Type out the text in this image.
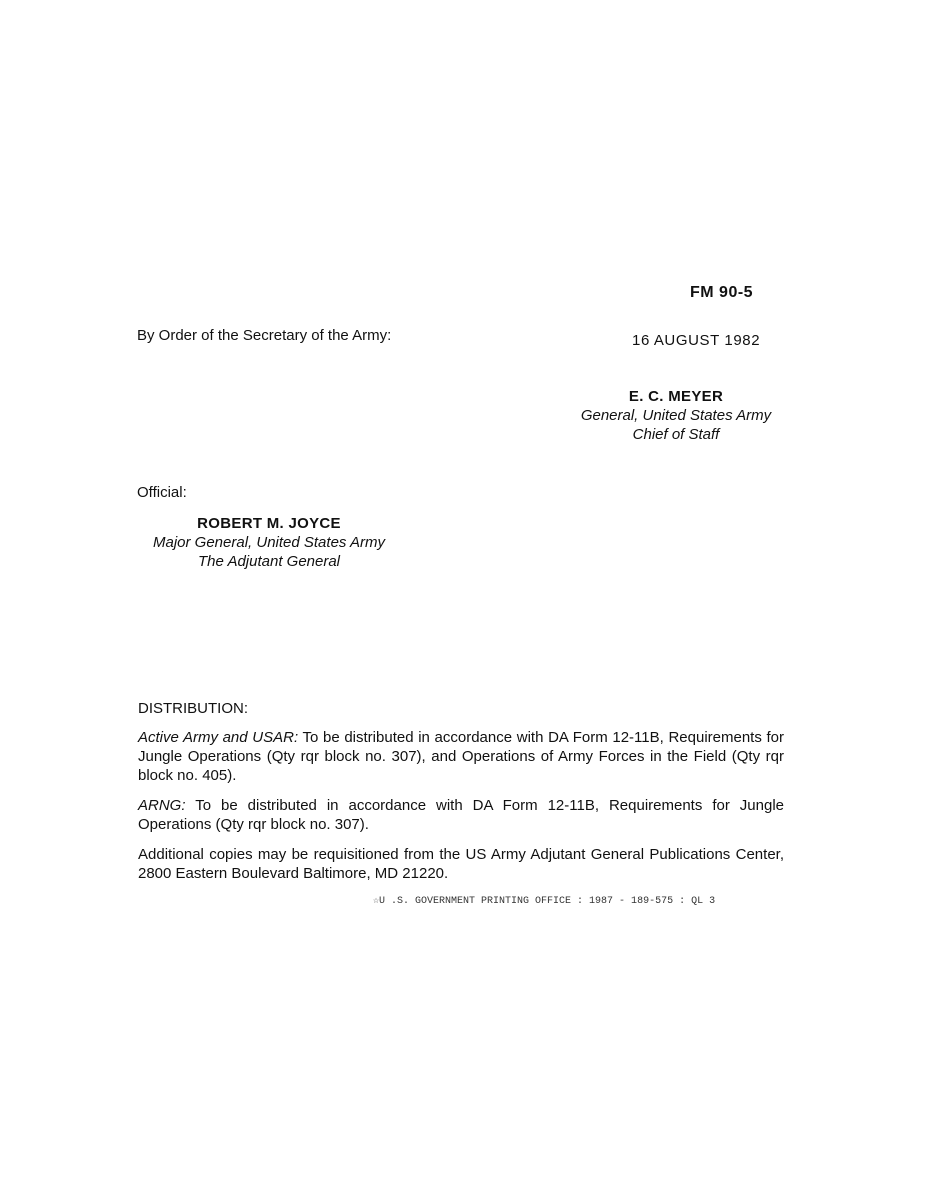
FM 90-5
By Order of the Secretary of the Army:	16 AUGUST 1982
E. C. MEYER
General, United States Army
Chief of Staff
Official:
ROBERT M. JOYCE
Major General, United States Army
The Adjutant General
DISTRIBUTION:
Active Army and USAR: To be distributed in accordance with DA Form 12-11B, Requirements for Jungle Operations (Qty rqr block no. 307), and Operations of Army Forces in the Field (Qty rqr block no. 405).
ARNG: To be distributed in accordance with DA Form 12-11B, Requirements for Jungle Operations (Qty rqr block no. 307).
Additional copies may be requisitioned from the US Army Adjutant General Publications Center, 2800 Eastern Boulevard Baltimore, MD 21220.
☆U .S. GOVERNMENT PRINTING OFFICE : 1987 - 189-575 : QL 3
